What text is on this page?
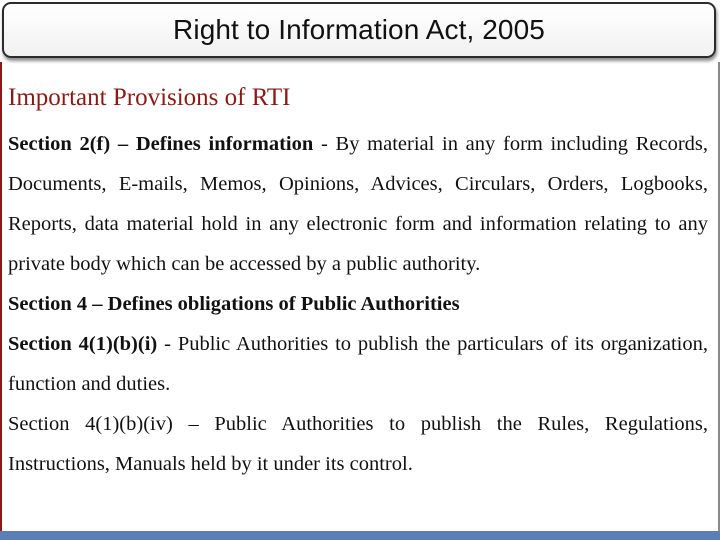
Right to Information Act, 2005

Important Provisions of RTI

Section 2(f) – Defines information - By material in any form including Records, Documents, E-mails, Memos, Opinions, Advices, Circulars, Orders, Logbooks, Reports, data material hold in any electronic form and information relating to any private body which can be accessed by a public authority.

Section 4 – Defines obligations of Public Authorities

Section 4(1)(b)(i) - Public Authorities to publish the particulars of its organization, function and duties.

Section 4(1)(b)(iv) – Public Authorities to publish the Rules, Regulations, Instructions, Manuals held by it under its control.
